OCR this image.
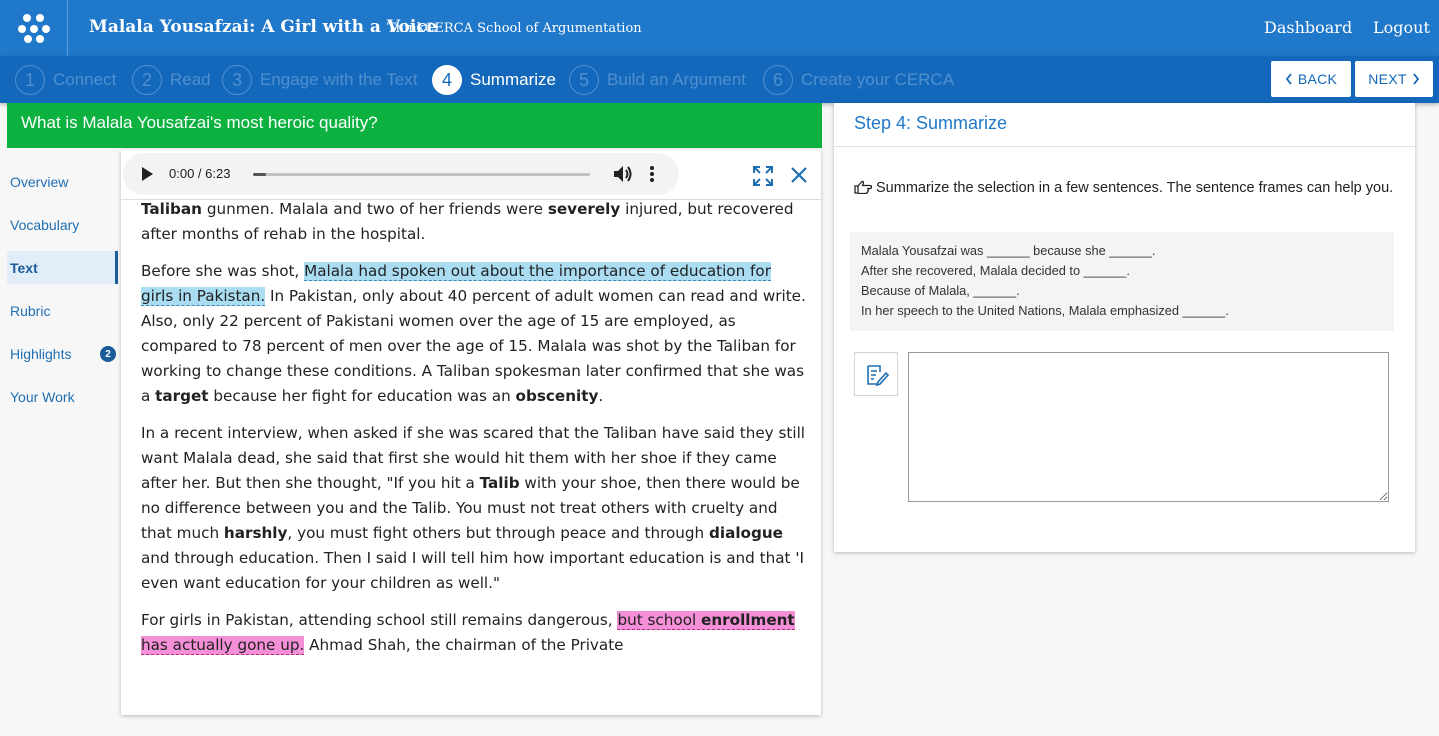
Malala Yousafzai: A Girl with a Voice
ThinkCERCA School of Argumentation	Dashboard Logout
1	Connect	2	Read	3	Engage with the Text	4	Summarize	5	Build an Argument	6	Create your CERCA	BACK NEXT
What is Malala Yousafzai's most heroic quality?
Overview
Vocabulary
Text
Rubric
Highlights	2
Your Work
0:00 / 6:23

Taliban gunmen. Malala and two of her friends were severely injured, but recovered after months of rehab in the hospital.

Before she was shot, Malala had spoken out about the importance of education for girls in Pakistan. In Pakistan, only about 40 percent of adult women can read and write. Also, only 22 percent of Pakistani women over the age of 15 are employed, as compared to 78 percent of men over the age of 15. Malala was shot by the Taliban for working to change these conditions. A Taliban spokesman later confirmed that she was a target because her fight for education was an obscenity.

In a recent interview, when asked if she was scared that the Taliban have said they still want Malala dead, she said that first she would hit them with her shoe if they came after her. But then she thought, "If you hit a Talib with your shoe, then there would be no difference between you and the Talib. You must not treat others with cruelty and that much harshly, you must fight others but through peace and through dialogue and through education. Then I said I will tell him how important education is and that 'I even want education for your children as well."

For girls in Pakistan, attending school still remains dangerous, but school enrollment has actually gone up. Ahmad Shah, the chairman of the Private

Step 4: Summarize
Summarize the selection in a few sentences. The sentence frames can help you.
Malala Yousafzai was ______ because she ______.
After she recovered, Malala decided to ______.
Because of Malala, ______.
In her speech to the United Nations, Malala emphasized ______.
